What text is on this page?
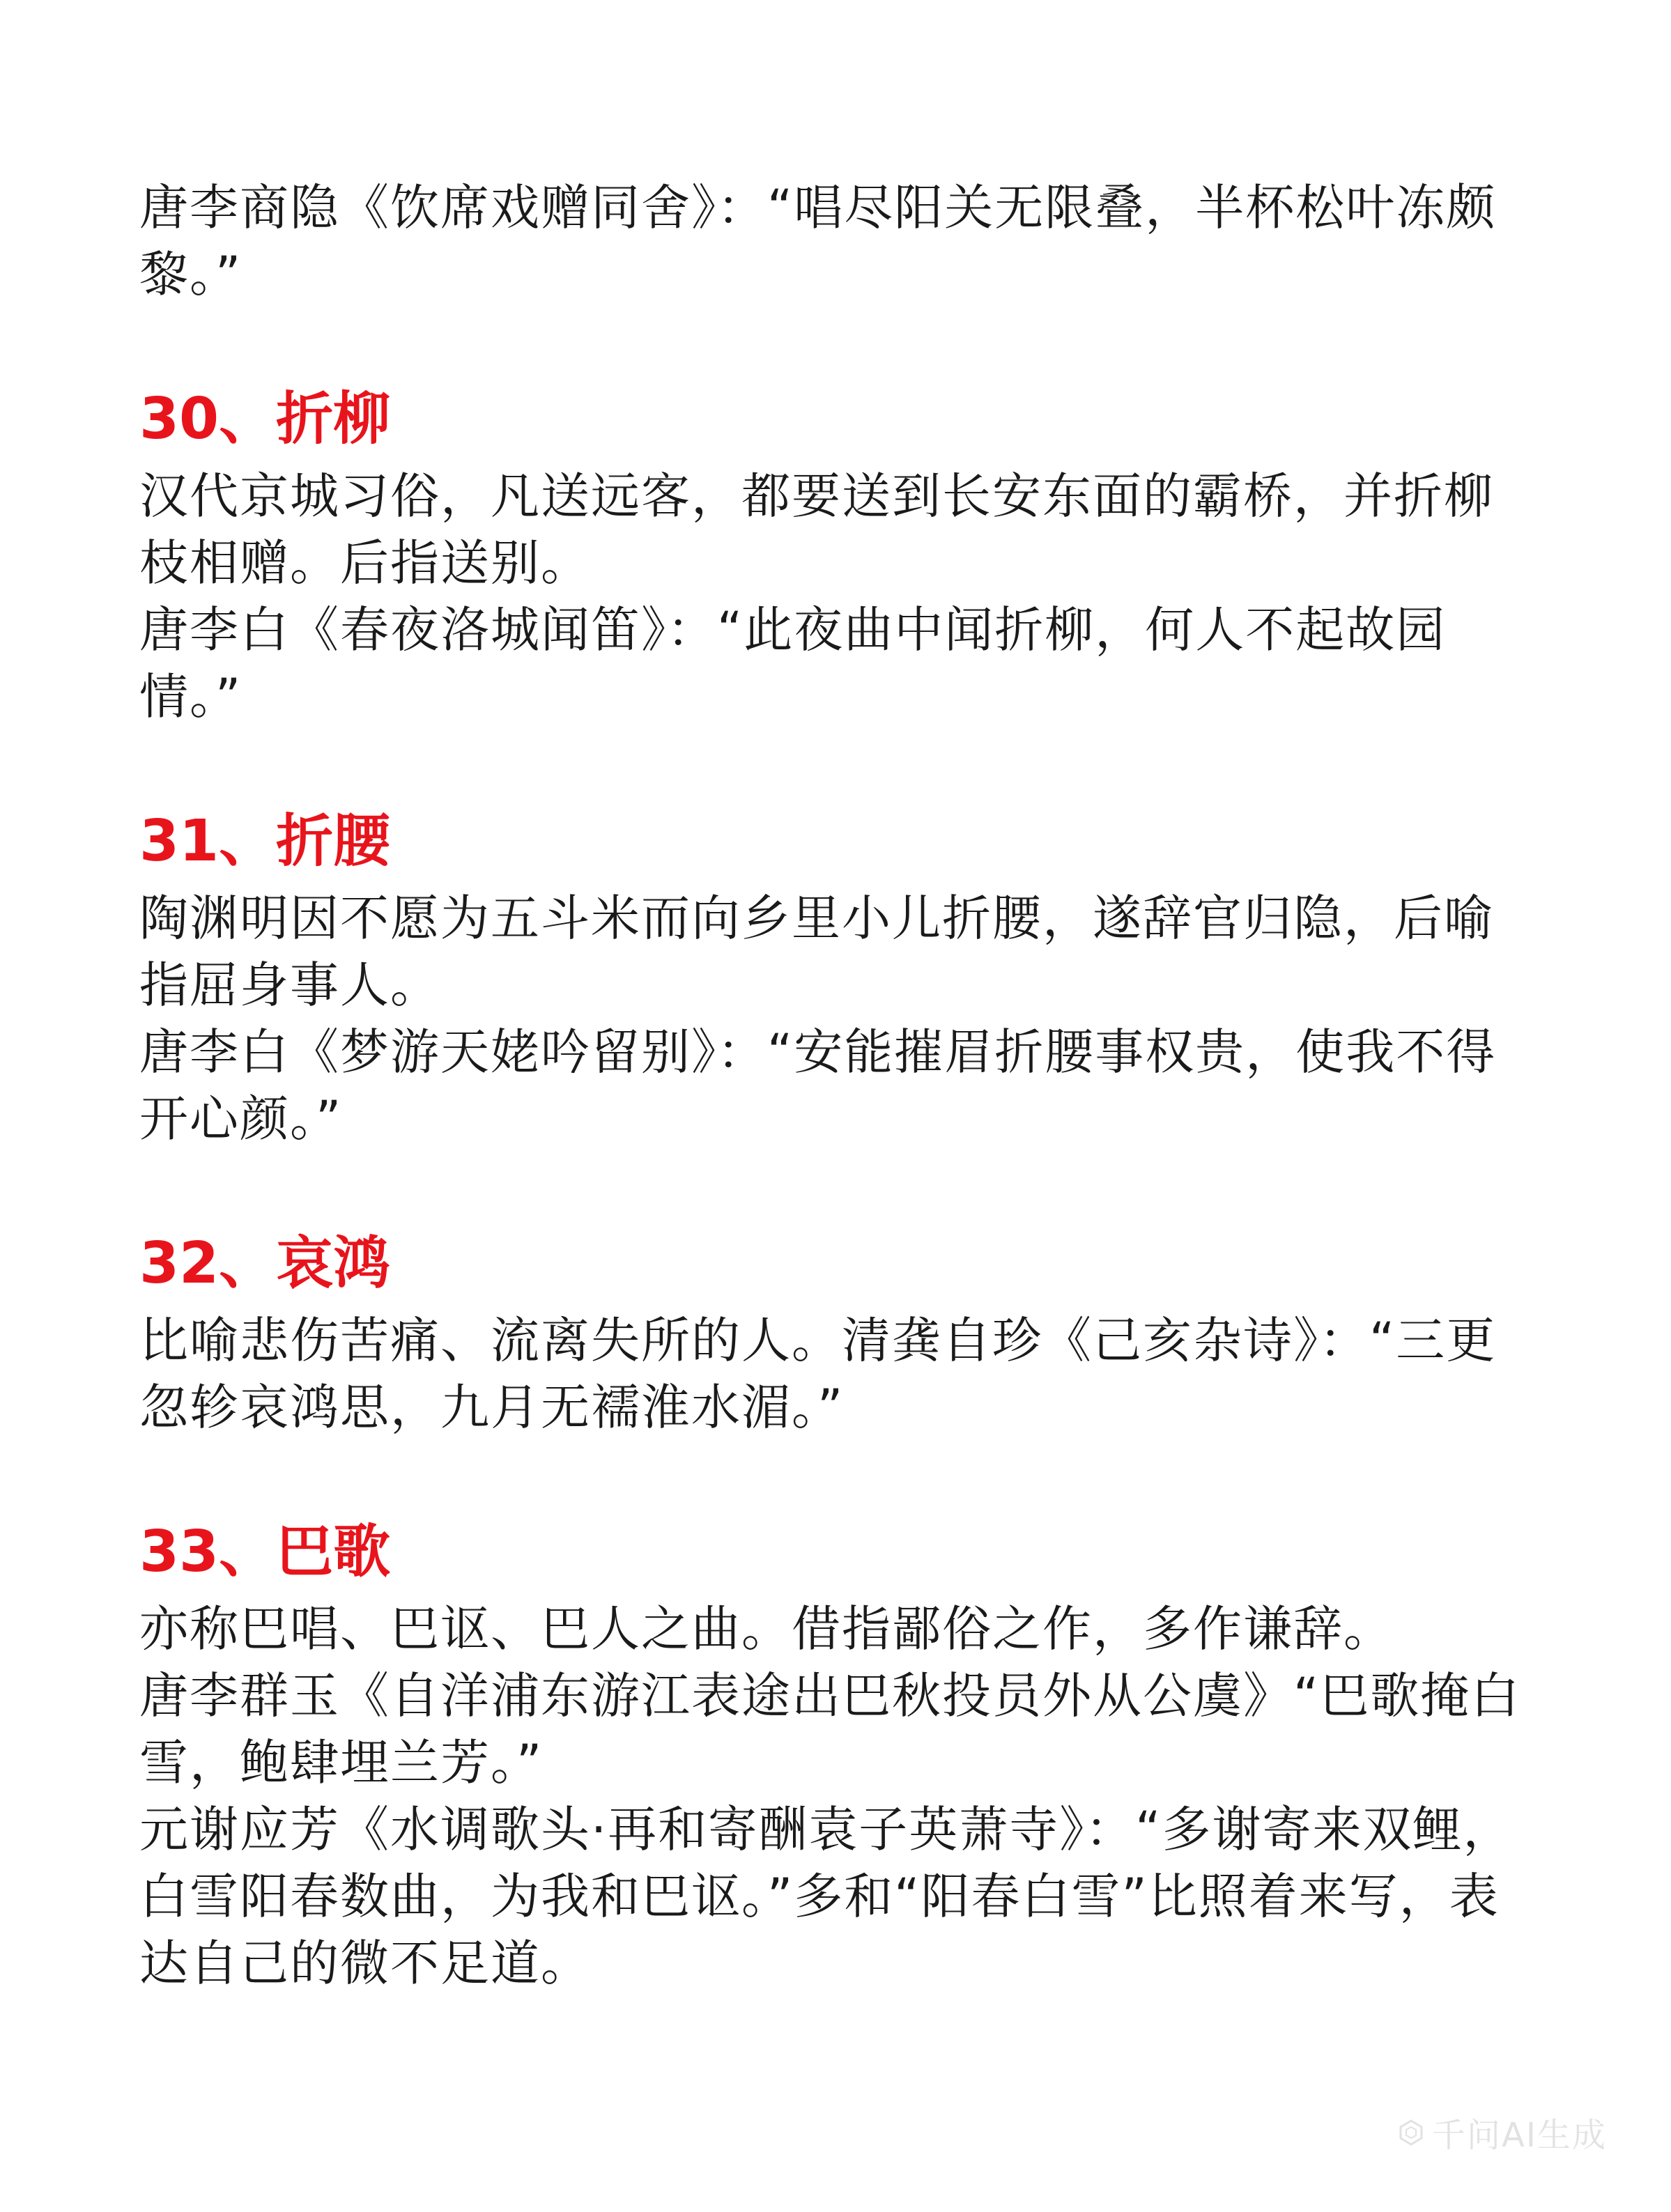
唐李商隐《饮席戏赠同舍》：“唱尽阳关无限叠，半杯松叶冻颇黎。”

30、折柳

汉代京城习俗，凡送远客，都要送到长安东面的霸桥，并折柳枝相赠。后指送别。

唐李白《春夜洛城闻笛》：“此夜曲中闻折柳，何人不起故园情。”

31、折腰

陶渊明因不愿为五斗米而向乡里小儿折腰，遂辞官归隐，后喻指屈身事人。

唐李白《梦游天姥吟留别》：“安能摧眉折腰事权贵，使我不得开心颜。”

32、哀鸿

比喻悲伤苦痛、流离失所的人。清龚自珍《己亥杂诗》：“三更忽轸哀鸿思，九月无襦淮水湄。”

33、巴歌

亦称巴唱、巴讴、巴人之曲。借指鄙俗之作，多作谦辞。

唐李群玉《自洋浦东游江表途出巴秋投员外从公虞》“巴歌掩白雪，鲍肆埋兰芳。”

元谢应芳《水调歌头·再和寄酬袁子英萧寺》：“多谢寄来双鲤，白雪阳春数曲，为我和巴讴。”多和“阳春白雪”比照着来写，表达自己的微不足道。

千问AI生成
